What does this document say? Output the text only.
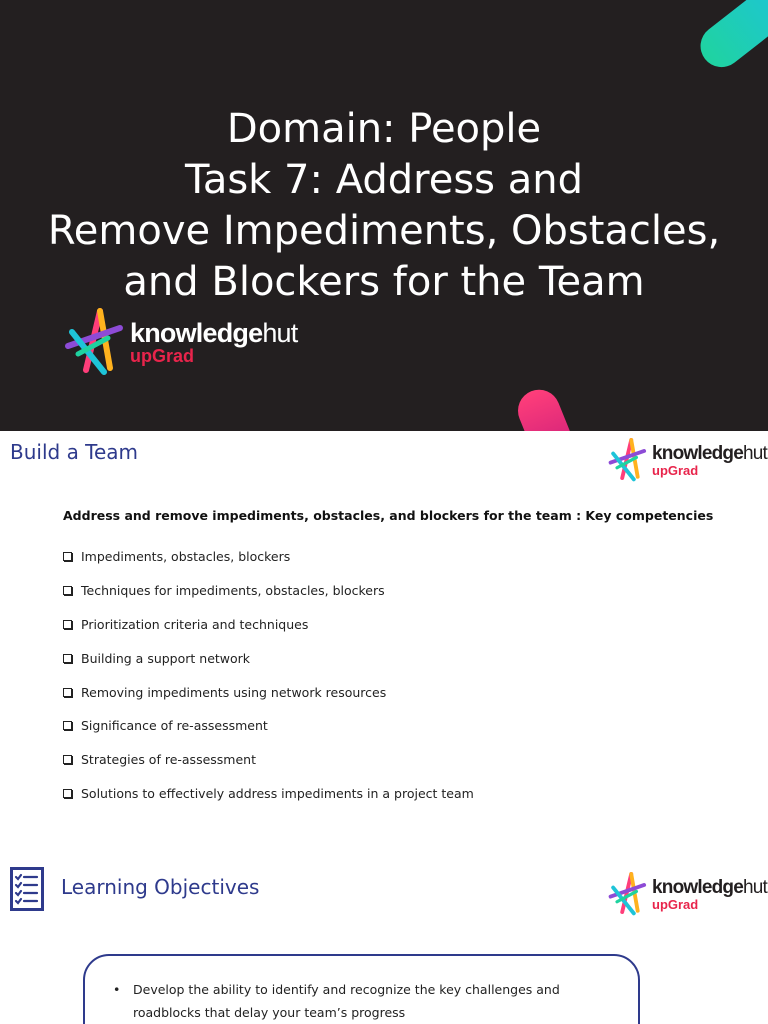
Domain: People
Task 7: Address and
Remove Impediments, Obstacles,
and Blockers for the Team
knowledgehut
upGrad
Build a Team	knowledgehut
upGrad
Address and remove impediments, obstacles, and blockers for the team : Key competencies
Impediments, obstacles, blockers
Techniques for impediments, obstacles, blockers
Prioritization criteria and techniques
Building a support network
Removing impediments using network resources
Significance of re-assessment
Strategies of re-assessment
Solutions to effectively address impediments in a project team
Learning Objectives	knowledgehut
upGrad
• Develop the ability to identify and recognize the key challenges and roadblocks that delay your team’s progress
